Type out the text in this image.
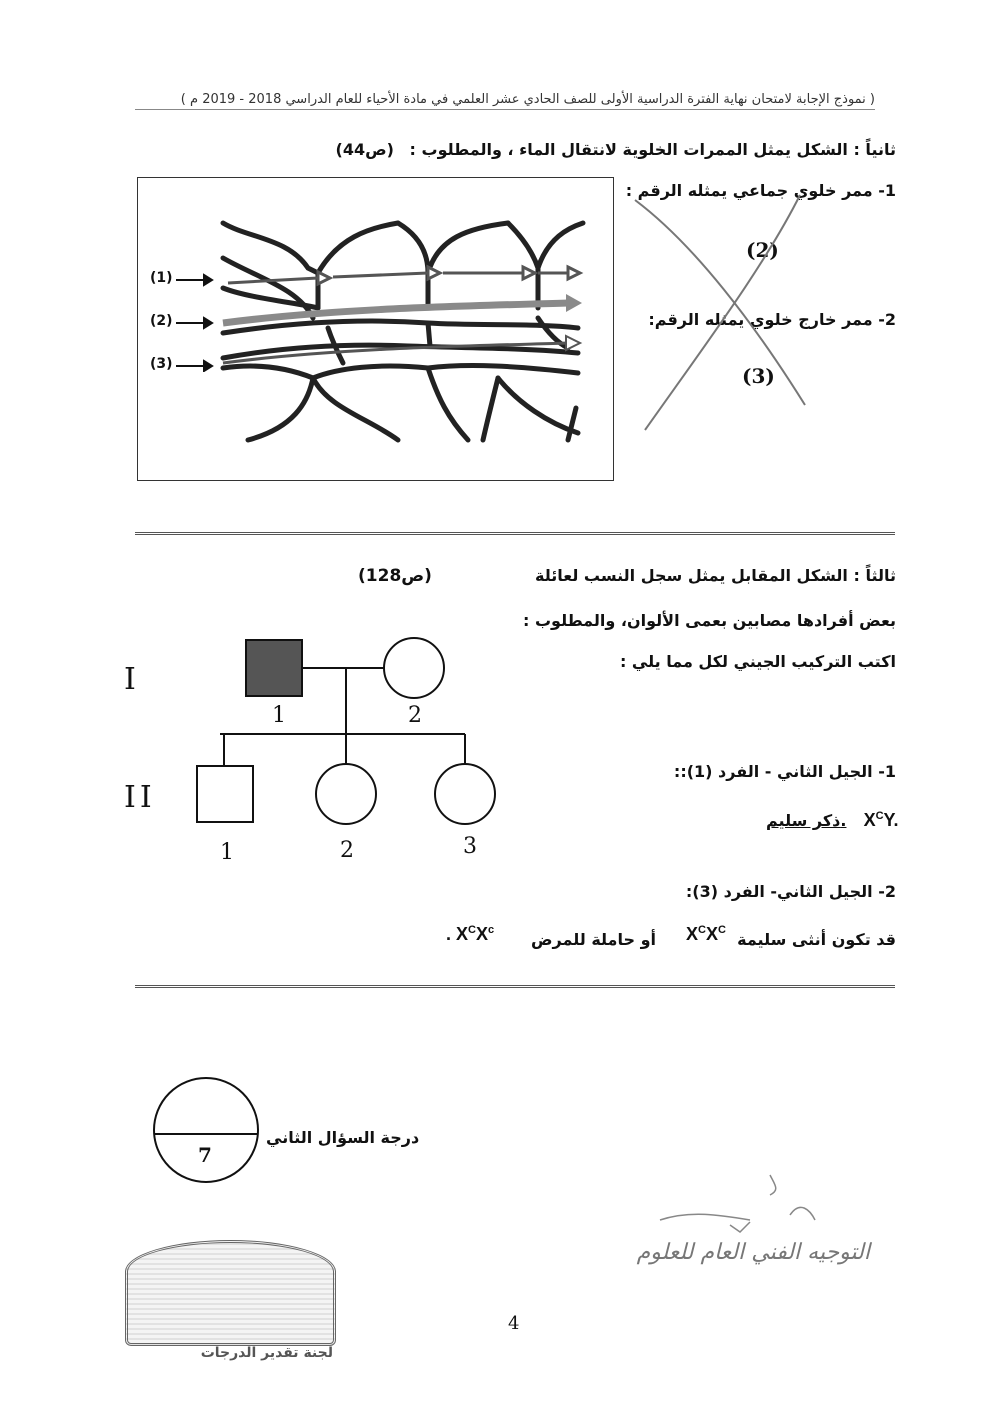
( نموذج الإجابة لامتحان نهاية الفترة الدراسية الأولى للصف الحادي عشر العلمي في مادة الأحياء للعام الدراسي 2018 - 2019 م )
ثانياً : الشكل يمثل الممرات الخلوية لانتقال الماء ، والمطلوب : (ص44)
(1)
(2)
(3)
1- ممر خلوي جماعي يمثله الرقم :
(2)
2- ممر خارج خلوي يمثله الرقم:
(3)
ثالثاً : الشكل المقابل يمثل سجل النسب لعائلة
(ص128)
بعض أفرادها مصابين بعمى الألوان، والمطلوب :
اكتب التركيب الجيني لكل مما يلي :
I
II
1	2
1	2	3
1- الجيل الثاني - الفرد (1)::
ذكر سليم. $X^CY$.
2- الجيل الثاني- الفرد (3):
قد تكون أنثى سليمة
$X^CX^C$
أو حاملة للمرض
. $X^CX^c$
7
درجة السؤال الثاني
التوجيه الفني العام للعلوم
لجنة تقدير الدرجات
4
